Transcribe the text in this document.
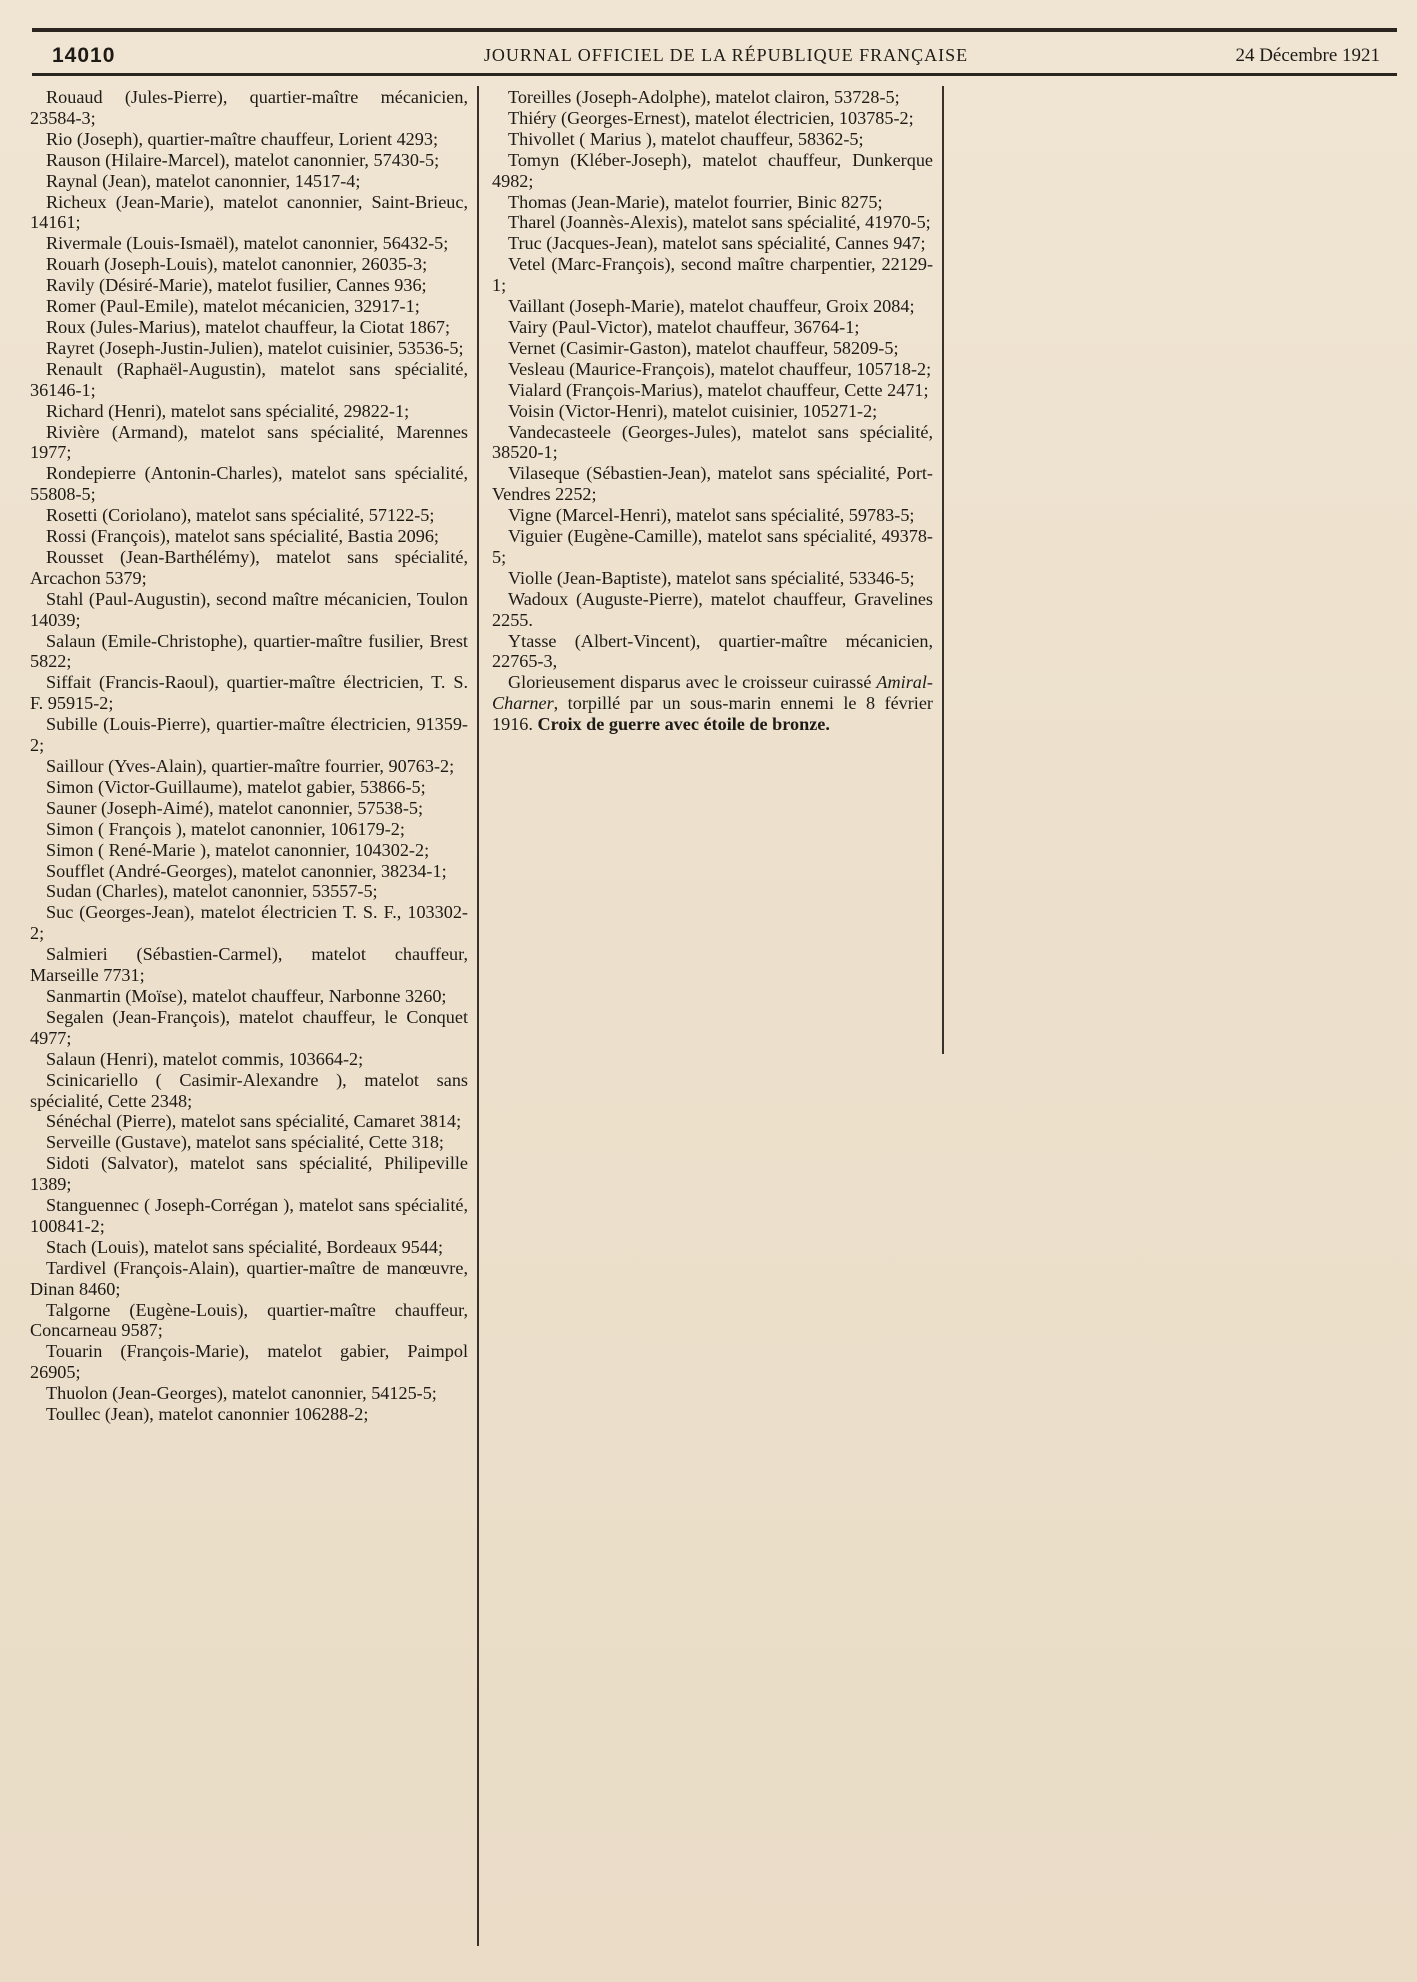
14010	JOURNAL OFFICIEL DE LA RÉPUBLIQUE FRANÇAISE	24 Décembre 1921

Rouaud (Jules-Pierre), quartier-maître mécanicien, 23584-3;

Rio (Joseph), quartier-maître chauffeur, Lorient 4293;

Rauson (Hilaire-Marcel), matelot canonnier, 57430-5;

Raynal (Jean), matelot canonnier, 14517-4;

Richeux (Jean-Marie), matelot canonnier, Saint-Brieuc, 14161;

Rivermale (Louis-Ismaël), matelot canonnier, 56432-5;

Rouarh (Joseph-Louis), matelot canonnier, 26035-3;

Ravily (Désiré-Marie), matelot fusilier, Cannes 936;

Romer (Paul-Emile), matelot mécanicien, 32917-1;

Roux (Jules-Marius), matelot chauffeur, la Ciotat 1867;

Rayret (Joseph-Justin-Julien), matelot cuisinier, 53536-5;

Renault (Raphaël-Augustin), matelot sans spécialité, 36146-1;

Richard (Henri), matelot sans spécialité, 29822-1;

Rivière (Armand), matelot sans spécialité, Marennes 1977;

Rondepierre (Antonin-Charles), matelot sans spécialité, 55808-5;

Rosetti (Coriolano), matelot sans spécialité, 57122-5;

Rossi (François), matelot sans spécialité, Bastia 2096;

Rousset (Jean-Barthélémy), matelot sans spécialité, Arcachon 5379;

Stahl (Paul-Augustin), second maître mécanicien, Toulon 14039;

Salaun (Emile-Christophe), quartier-maître fusilier, Brest 5822;

Siffait (Francis-Raoul), quartier-maître électricien, T. S. F. 95915-2;

Subille (Louis-Pierre), quartier-maître électricien, 91359-2;

Saillour (Yves-Alain), quartier-maître fourrier, 90763-2;

Simon (Victor-Guillaume), matelot gabier, 53866-5;

Sauner (Joseph-Aimé), matelot canonnier, 57538-5;

Simon ( François ), matelot canonnier, 106179-2;

Simon ( René-Marie ), matelot canonnier, 104302-2;

Soufflet (André-Georges), matelot canonnier, 38234-1;

Sudan (Charles), matelot canonnier, 53557-5;

Suc (Georges-Jean), matelot électricien T. S. F., 103302-2;

Salmieri (Sébastien-Carmel), matelot chauffeur, Marseille 7731;

Sanmartin (Moïse), matelot chauffeur, Narbonne 3260;

Segalen (Jean-François), matelot chauffeur, le Conquet 4977;

Salaun (Henri), matelot commis, 103664-2;

Scinicariello ( Casimir-Alexandre ), matelot sans spécialité, Cette 2348;

Sénéchal (Pierre), matelot sans spécialité, Camaret 3814;

Serveille (Gustave), matelot sans spécialité, Cette 318;

Sidoti (Salvator), matelot sans spécialité, Philipeville 1389;

Stanguennec ( Joseph-Corrégan ), matelot sans spécialité, 100841-2;

Stach (Louis), matelot sans spécialité, Bordeaux 9544;

Tardivel (François-Alain), quartier-maître de manœuvre, Dinan 8460;

Talgorne (Eugène-Louis), quartier-maître chauffeur, Concarneau 9587;

Touarin (François-Marie), matelot gabier, Paimpol 26905;

Thuolon (Jean-Georges), matelot canonnier, 54125-5;

Toullec (Jean), matelot canonnier 106288-2;

Toreilles (Joseph-Adolphe), matelot clairon, 53728-5;

Thiéry (Georges-Ernest), matelot électricien, 103785-2;

Thivollet ( Marius ), matelot chauffeur, 58362-5;

Tomyn (Kléber-Joseph), matelot chauffeur, Dunkerque 4982;

Thomas (Jean-Marie), matelot fourrier, Binic 8275;

Tharel (Joannès-Alexis), matelot sans spécialité, 41970-5;

Truc (Jacques-Jean), matelot sans spécialité, Cannes 947;

Vetel (Marc-François), second maître charpentier, 22129-1;

Vaillant (Joseph-Marie), matelot chauffeur, Groix 2084;

Vairy (Paul-Victor), matelot chauffeur, 36764-1;

Vernet (Casimir-Gaston), matelot chauffeur, 58209-5;

Vesleau (Maurice-François), matelot chauffeur, 105718-2;

Vialard (François-Marius), matelot chauffeur, Cette 2471;

Voisin (Victor-Henri), matelot cuisinier, 105271-2;

Vandecasteele (Georges-Jules), matelot sans spécialité, 38520-1;

Vilaseque (Sébastien-Jean), matelot sans spécialité, Port-Vendres 2252;

Vigne (Marcel-Henri), matelot sans spécialité, 59783-5;

Viguier (Eugène-Camille), matelot sans spécialité, 49378-5;

Violle (Jean-Baptiste), matelot sans spécialité, 53346-5;

Wadoux (Auguste-Pierre), matelot chauffeur, Gravelines 2255.

Ytasse (Albert-Vincent), quartier-maître mécanicien, 22765-3,

Glorieusement disparus avec le croisseur cuirassé Amiral-Charner, torpillé par un sous-marin ennemi le 8 février 1916. Croix de guerre avec étoile de bronze.
